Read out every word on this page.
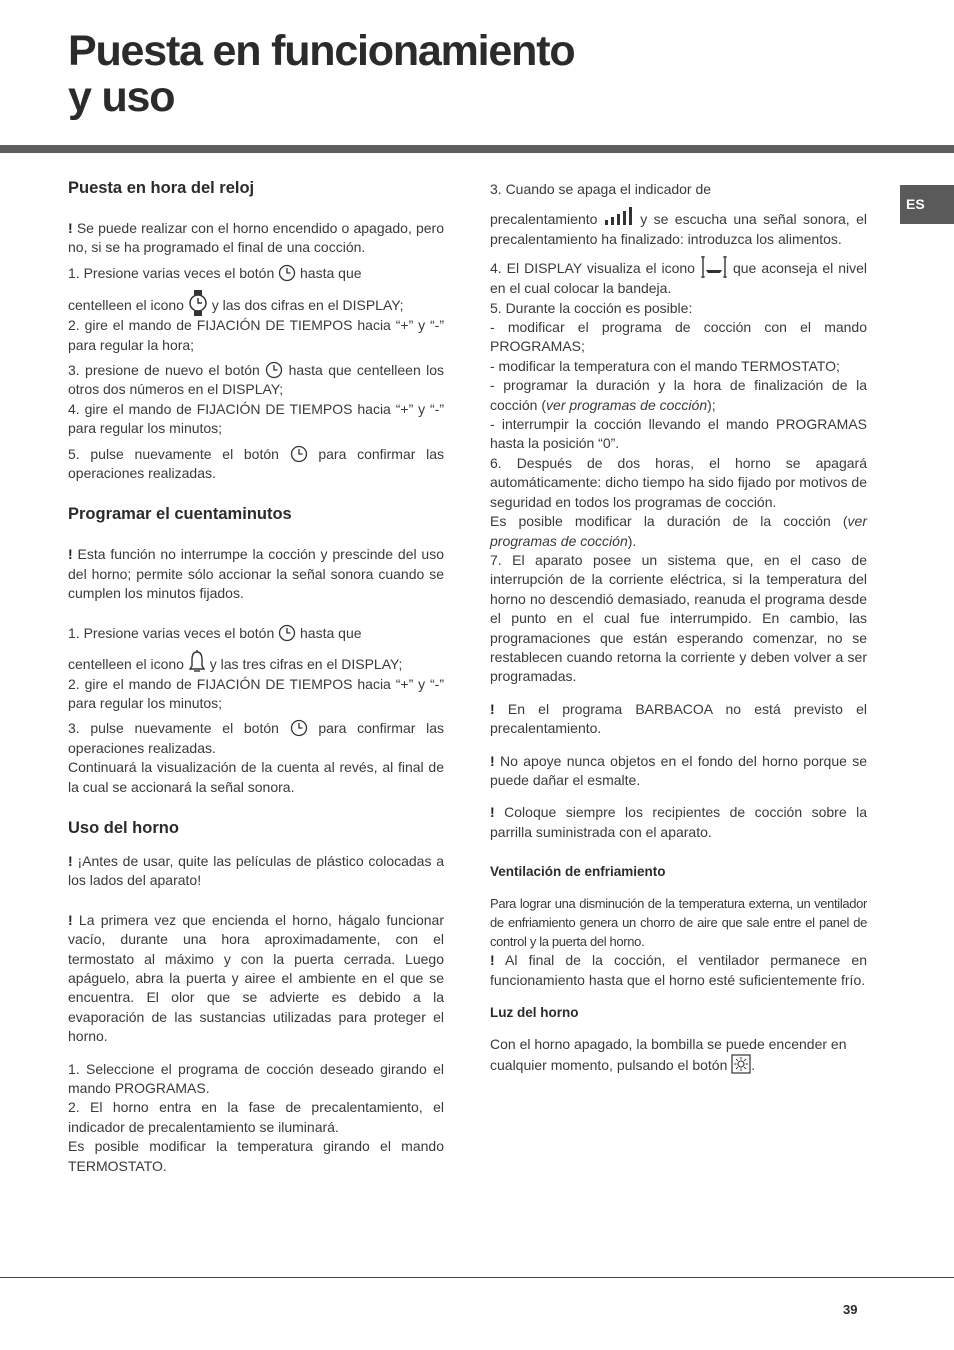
Puesta en funcionamiento
y uso
ES
Puesta en hora del reloj

! Se puede realizar con el horno encendido o apagado, pero no, si se ha programado el final de una cocción.

1. Presione varias veces el botón hasta que

centelleen el icono y las dos cifras en el DISPLAY;

2. gire el mando de FIJACIÓN DE TIEMPOS hacia “+” y “-” para regular la hora;

3. presione de nuevo el botón hasta que centelleen los otros dos números en el DISPLAY;

4. gire el mando de FIJACIÓN DE TIEMPOS hacia “+” y “-” para regular los minutos;

5. pulse nuevamente el botón	para confirmar las operaciones realizadas.

Programar el cuentaminutos

! Esta función no interrumpe la cocción y prescinde del uso del horno; permite sólo accionar la señal sonora cuando se cumplen los minutos fijados.

1. Presione varias veces el botón hasta que

centelleen el icono y las tres cifras en el DISPLAY;

2. gire el mando de FIJACIÓN DE TIEMPOS hacia “+” y “-” para regular los minutos;

3. pulse nuevamente el botón	para confirmar las operaciones realizadas.

Continuará la visualización de la cuenta al revés, al final de la cual se accionará la señal sonora.

Uso del horno

! ¡Antes de usar, quite las películas de plástico colocadas a los lados del aparato!

! La primera vez que encienda el horno, hágalo funcionar vacío, durante una hora aproximadamente, con el termostato al máximo y con la puerta cerrada. Luego apáguelo, abra la puerta y airee el ambiente en el que se encuentra. El olor que se advierte es debido a la evaporación de las sustancias utilizadas para proteger el horno.

1. Seleccione el programa de cocción deseado girando el mando PROGRAMAS.

2. El horno entra en la fase de precalentamiento, el indicador de precalentamiento se iluminará.

Es posible modificar la temperatura girando el mando TERMOSTATO.

3. Cuando se apaga el indicador de

precalentamiento	y se escucha una señal sonora, el precalentamiento ha finalizado: introduzca los alimentos.

4. El DISPLAY visualiza el icono	que aconseja el nivel en el cual colocar la bandeja.

5. Durante la cocción es posible:

- modificar el programa de cocción con el mando PROGRAMAS;

- modificar la temperatura con el mando TERMOSTATO;

- programar la duración y la hora de finalización de la cocción (ver programas de cocción);

- interrumpir la cocción llevando el mando PROGRAMAS hasta la posición “0”.

6. Después de dos horas, el horno se apagará automáticamente: dicho tiempo ha sido fijado por motivos de seguridad en todos los programas de cocción.

Es posible modificar la duración de la cocción (ver programas de cocción).

7. El aparato posee un sistema que, en el caso de interrupción de la corriente eléctrica, si la temperatura del horno no descendió demasiado, reanuda el programa desde el punto en el cual fue interrumpido. En cambio, las programaciones que están esperando comenzar, no se restablecen cuando retorna la corriente y deben volver a ser programadas.

! En el programa BARBACOA no está previsto el precalentamiento.

! No apoye nunca objetos en el fondo del horno porque se puede dañar el esmalte.

! Coloque siempre los recipientes de cocción sobre la parrilla suministrada con el aparato.

Ventilación de enfriamiento

Para lograr una disminución de la temperatura externa, un ventilador de enfriamiento genera un chorro de aire que sale entre el panel de control y la puerta del horno.

! Al final de la cocción, el ventilador permanece en funcionamiento hasta que el horno esté suficientemente frío.

Luz del horno

Con el horno apagado, la bombilla se puede encender en cualquier momento, pulsando el botón .

39
